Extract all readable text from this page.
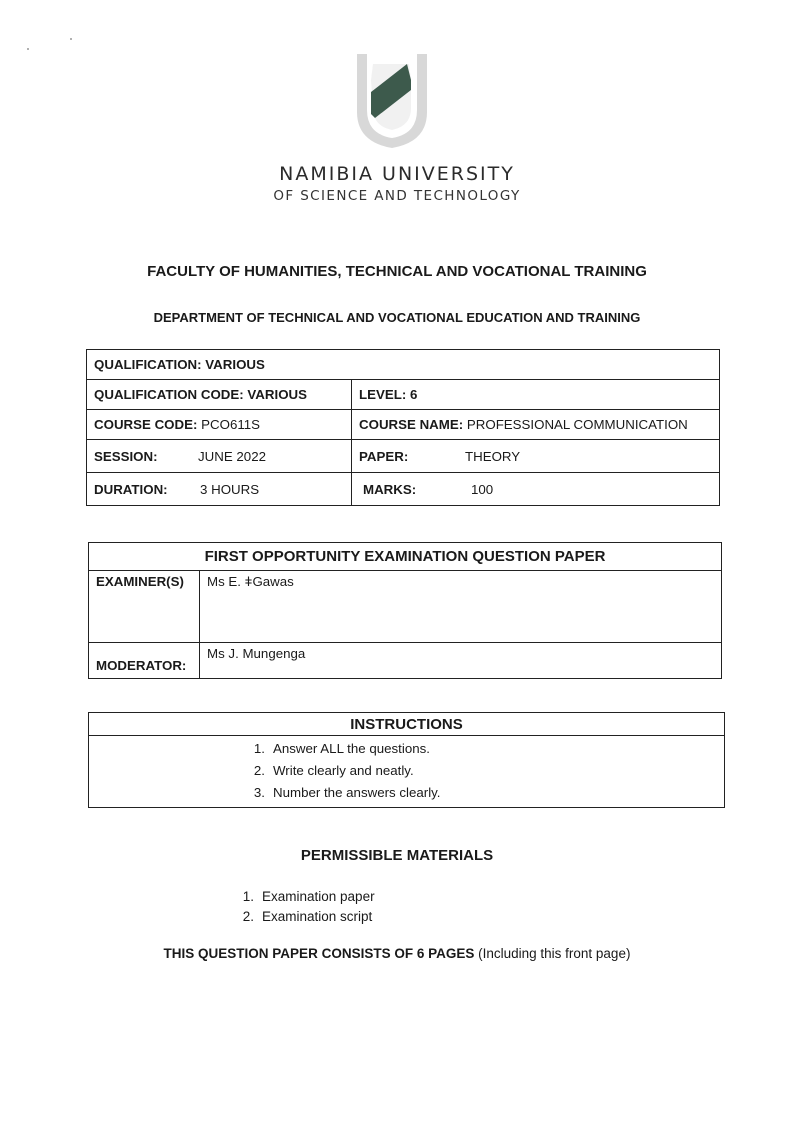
NAMIBIA UNIVERSITY
OF SCIENCE AND TECHNOLOGY
FACULTY OF HUMANITIES, TECHNICAL AND VOCATIONAL TRAINING
DEPARTMENT OF TECHNICAL AND VOCATIONAL EDUCATION AND TRAINING
QUALIFICATION: VARIOUS	
QUALIFICATION CODE: VARIOUS	LEVEL: 6
COURSE CODE: PCO611S	COURSE NAME: PROFESSIONAL COMMUNICATION
SESSION: JUNE 2022	PAPER: THEORY
DURATION: 3 HOURS	MARKS: 100
FIRST OPPORTUNITY EXAMINATION QUESTION PAPER	
EXAMINER(S)	Ms E. ǂGawas
MODERATOR:	Ms J. Mungenga
INSTRUCTIONS

1. Answer ALL the questions.
2. Write clearly and neatly.
3. Number the answers clearly.
PERMISSIBLE MATERIALS
1. Examination paper
2. Examination script
THIS QUESTION PAPER CONSISTS OF 6 PAGES (Including this front page)
